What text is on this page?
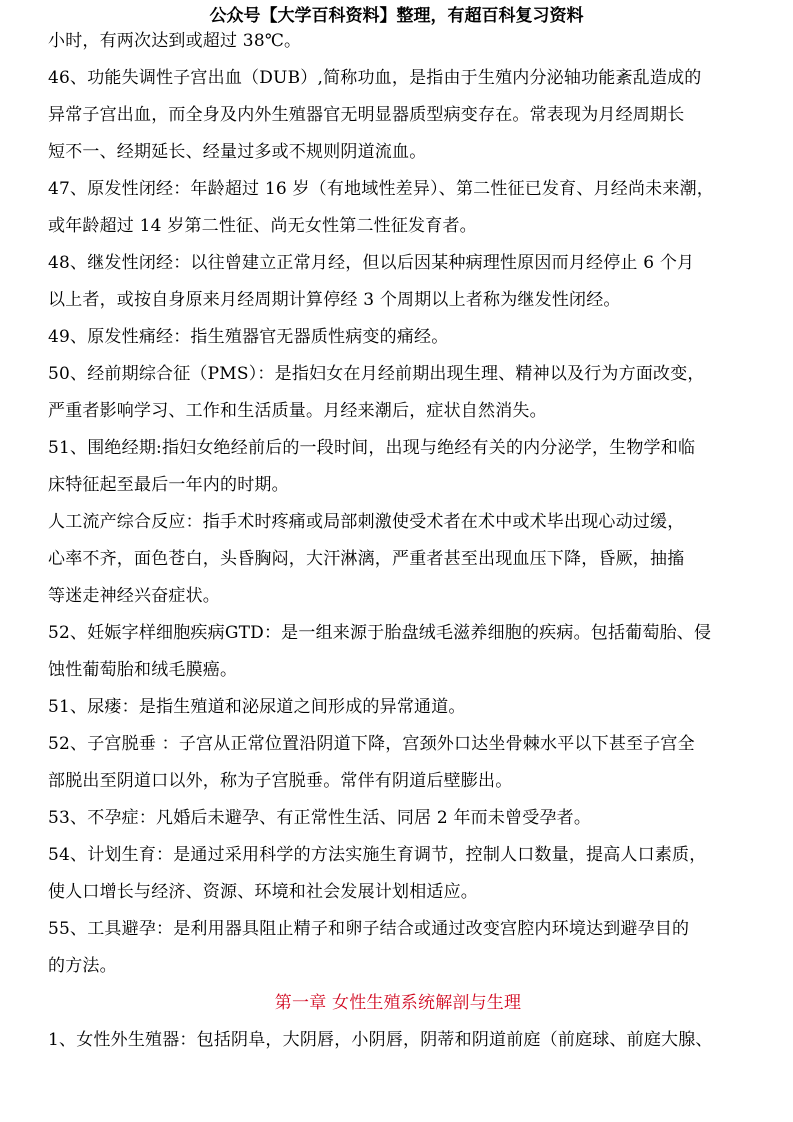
公众号【大学百科资料】整理，有超百科复习资料
小时，有两次达到或超过 38℃。
46、功能失调性子宫出血（DUB）,简称功血，是指由于生殖内分泌轴功能紊乱造成的
异常子宫出血，而全身及内外生殖器官无明显器质型病变存在。常表现为月经周期长
短不一、经期延长、经量过多或不规则阴道流血。
47、原发性闭经：年龄超过 16 岁（有地域性差异）、第二性征已发育、月经尚未来潮，
或年龄超过 14 岁第二性征、尚无女性第二性征发育者。
48、继发性闭经：以往曾建立正常月经，但以后因某种病理性原因而月经停止 6 个月
以上者，或按自身原来月经周期计算停经 3 个周期以上者称为继发性闭经。
49、原发性痛经：指生殖器官无器质性病变的痛经。
50、经前期综合征（PMS）：是指妇女在月经前期出现生理、精神以及行为方面改变，
严重者影响学习、工作和生活质量。月经来潮后，症状自然消失。
51、围绝经期:指妇女绝经前后的一段时间，出现与绝经有关的内分泌学，生物学和临
床特征起至最后一年内的时期。
人工流产综合反应：指手术时疼痛或局部刺激使受术者在术中或术毕出现心动过缓，
心率不齐，面色苍白，头昏胸闷，大汗淋漓，严重者甚至出现血压下降，昏厥，抽搐
等迷走神经兴奋症状。
52、妊娠字样细胞疾病GTD：是一组来源于胎盘绒毛滋养细胞的疾病。包括葡萄胎、侵
蚀性葡萄胎和绒毛膜癌。
51、尿瘘：是指生殖道和泌尿道之间形成的异常通道。
52、子宫脱垂 ：子宫从正常位置沿阴道下降，宫颈外口达坐骨棘水平以下甚至子宫全
部脱出至阴道口以外，称为子宫脱垂。常伴有阴道后壁膨出。
53、不孕症：凡婚后未避孕、有正常性生活、同居 2 年而未曾受孕者。
54、计划生育：是通过采用科学的方法实施生育调节，控制人口数量，提高人口素质，
使人口增长与经济、资源、环境和社会发展计划相适应。
55、工具避孕：是利用器具阻止精子和卵子结合或通过改变宫腔内环境达到避孕目的
的方法。
第一章 女性生殖系统解剖与生理
1、女性外生殖器：包括阴阜，大阴唇，小阴唇，阴蒂和阴道前庭（前庭球、前庭大腺、
